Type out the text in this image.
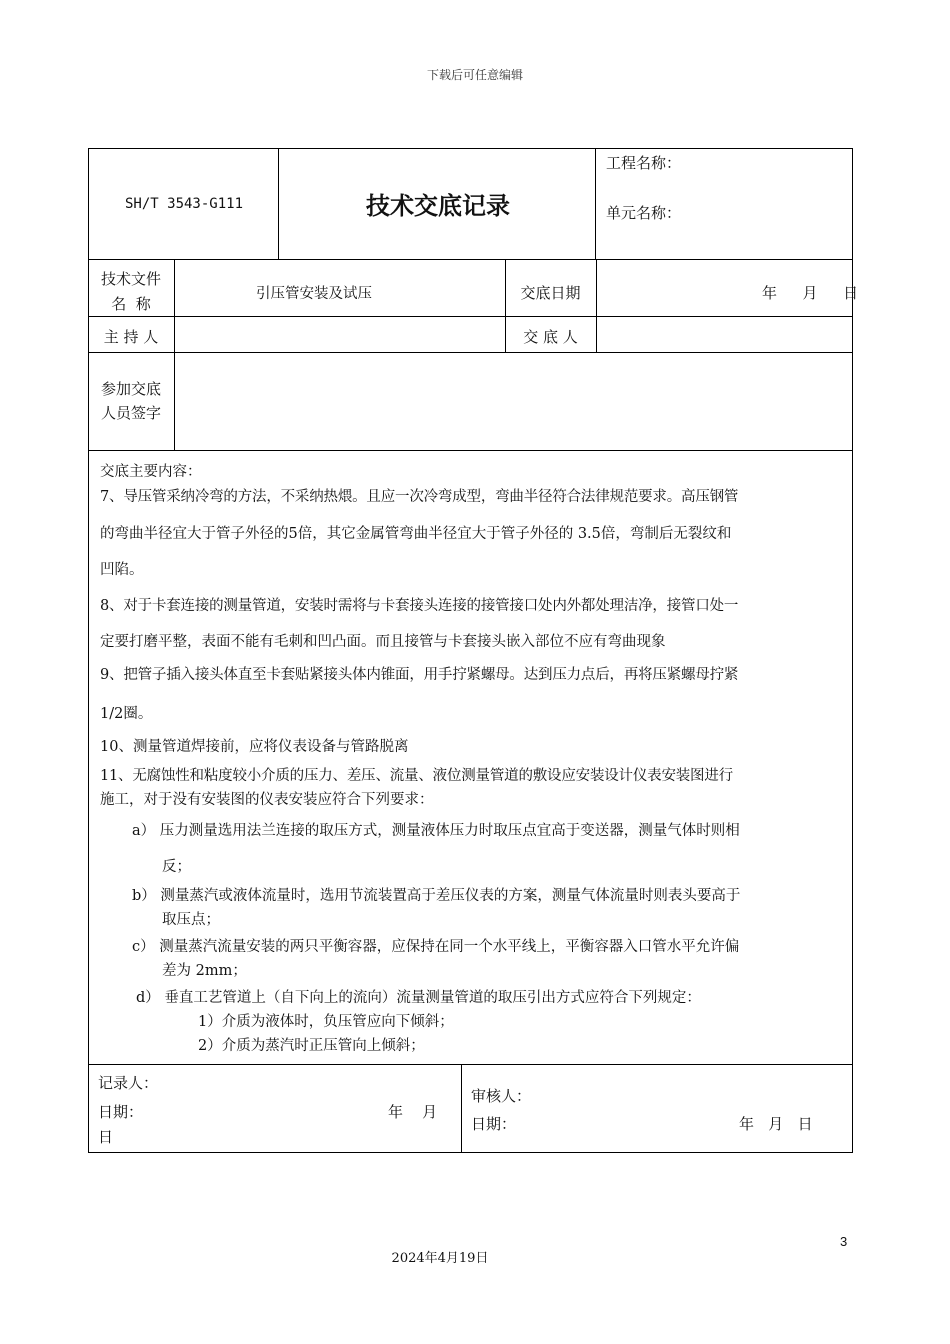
下载后可任意编辑
SH/T 3543-G111	技术交底记录
工程名称：
单元名称：
技术文件
名  称
引压管安装及试压	交底日期	年  月  日
主 持 人	交 底 人
参加交底
人员签字
交底主要内容：
7、导压管采纳冷弯的方法，不采纳热煨。且应一次冷弯成型，弯曲半径符合法律规范要求。高压钢管
的弯曲半径宜大于管子外径的5倍，其它金属管弯曲半径宜大于管子外径的 3.5倍，弯制后无裂纹和
凹陷。
8、对于卡套连接的测量管道，安装时需将与卡套接头连接的接管接口处内外都处理洁净，接管口处一
定要打磨平整，表面不能有毛刺和凹凸面。而且接管与卡套接头嵌入部位不应有弯曲现象
9、把管子插入接头体直至卡套贴紧接头体内锥面，用手拧紧螺母。达到压力点后，再将压紧螺母拧紧
1/2圈。
10、测量管道焊接前，应将仪表设备与管路脱离
11、无腐蚀性和粘度较小介质的压力、差压、流量、液位测量管道的敷设应安装设计仪表安装图进行
施工，对于没有安装图的仪表安装应符合下列要求：
a） 压力测量选用法兰连接的取压方式，测量液体压力时取压点宜高于变送器，测量气体时则相
反；
b） 测量蒸汽或液体流量时，选用节流装置高于差压仪表的方案，测量气体流量时则表头要高于
取压点；
c） 测量蒸汽流量安装的两只平衡容器，应保持在同一个水平线上，平衡容器入口管水平允许偏
差为 2mm；
d） 垂直工艺管道上（自下向上的流向）流量测量管道的取压引出方式应符合下列规定：
1）介质为液体时，负压管应向下倾斜；
2）介质为蒸汽时正压管向上倾斜；
记录人：
日期：	年    月
日
审核人：
日期：	年   月   日
3
2024年4月19日
